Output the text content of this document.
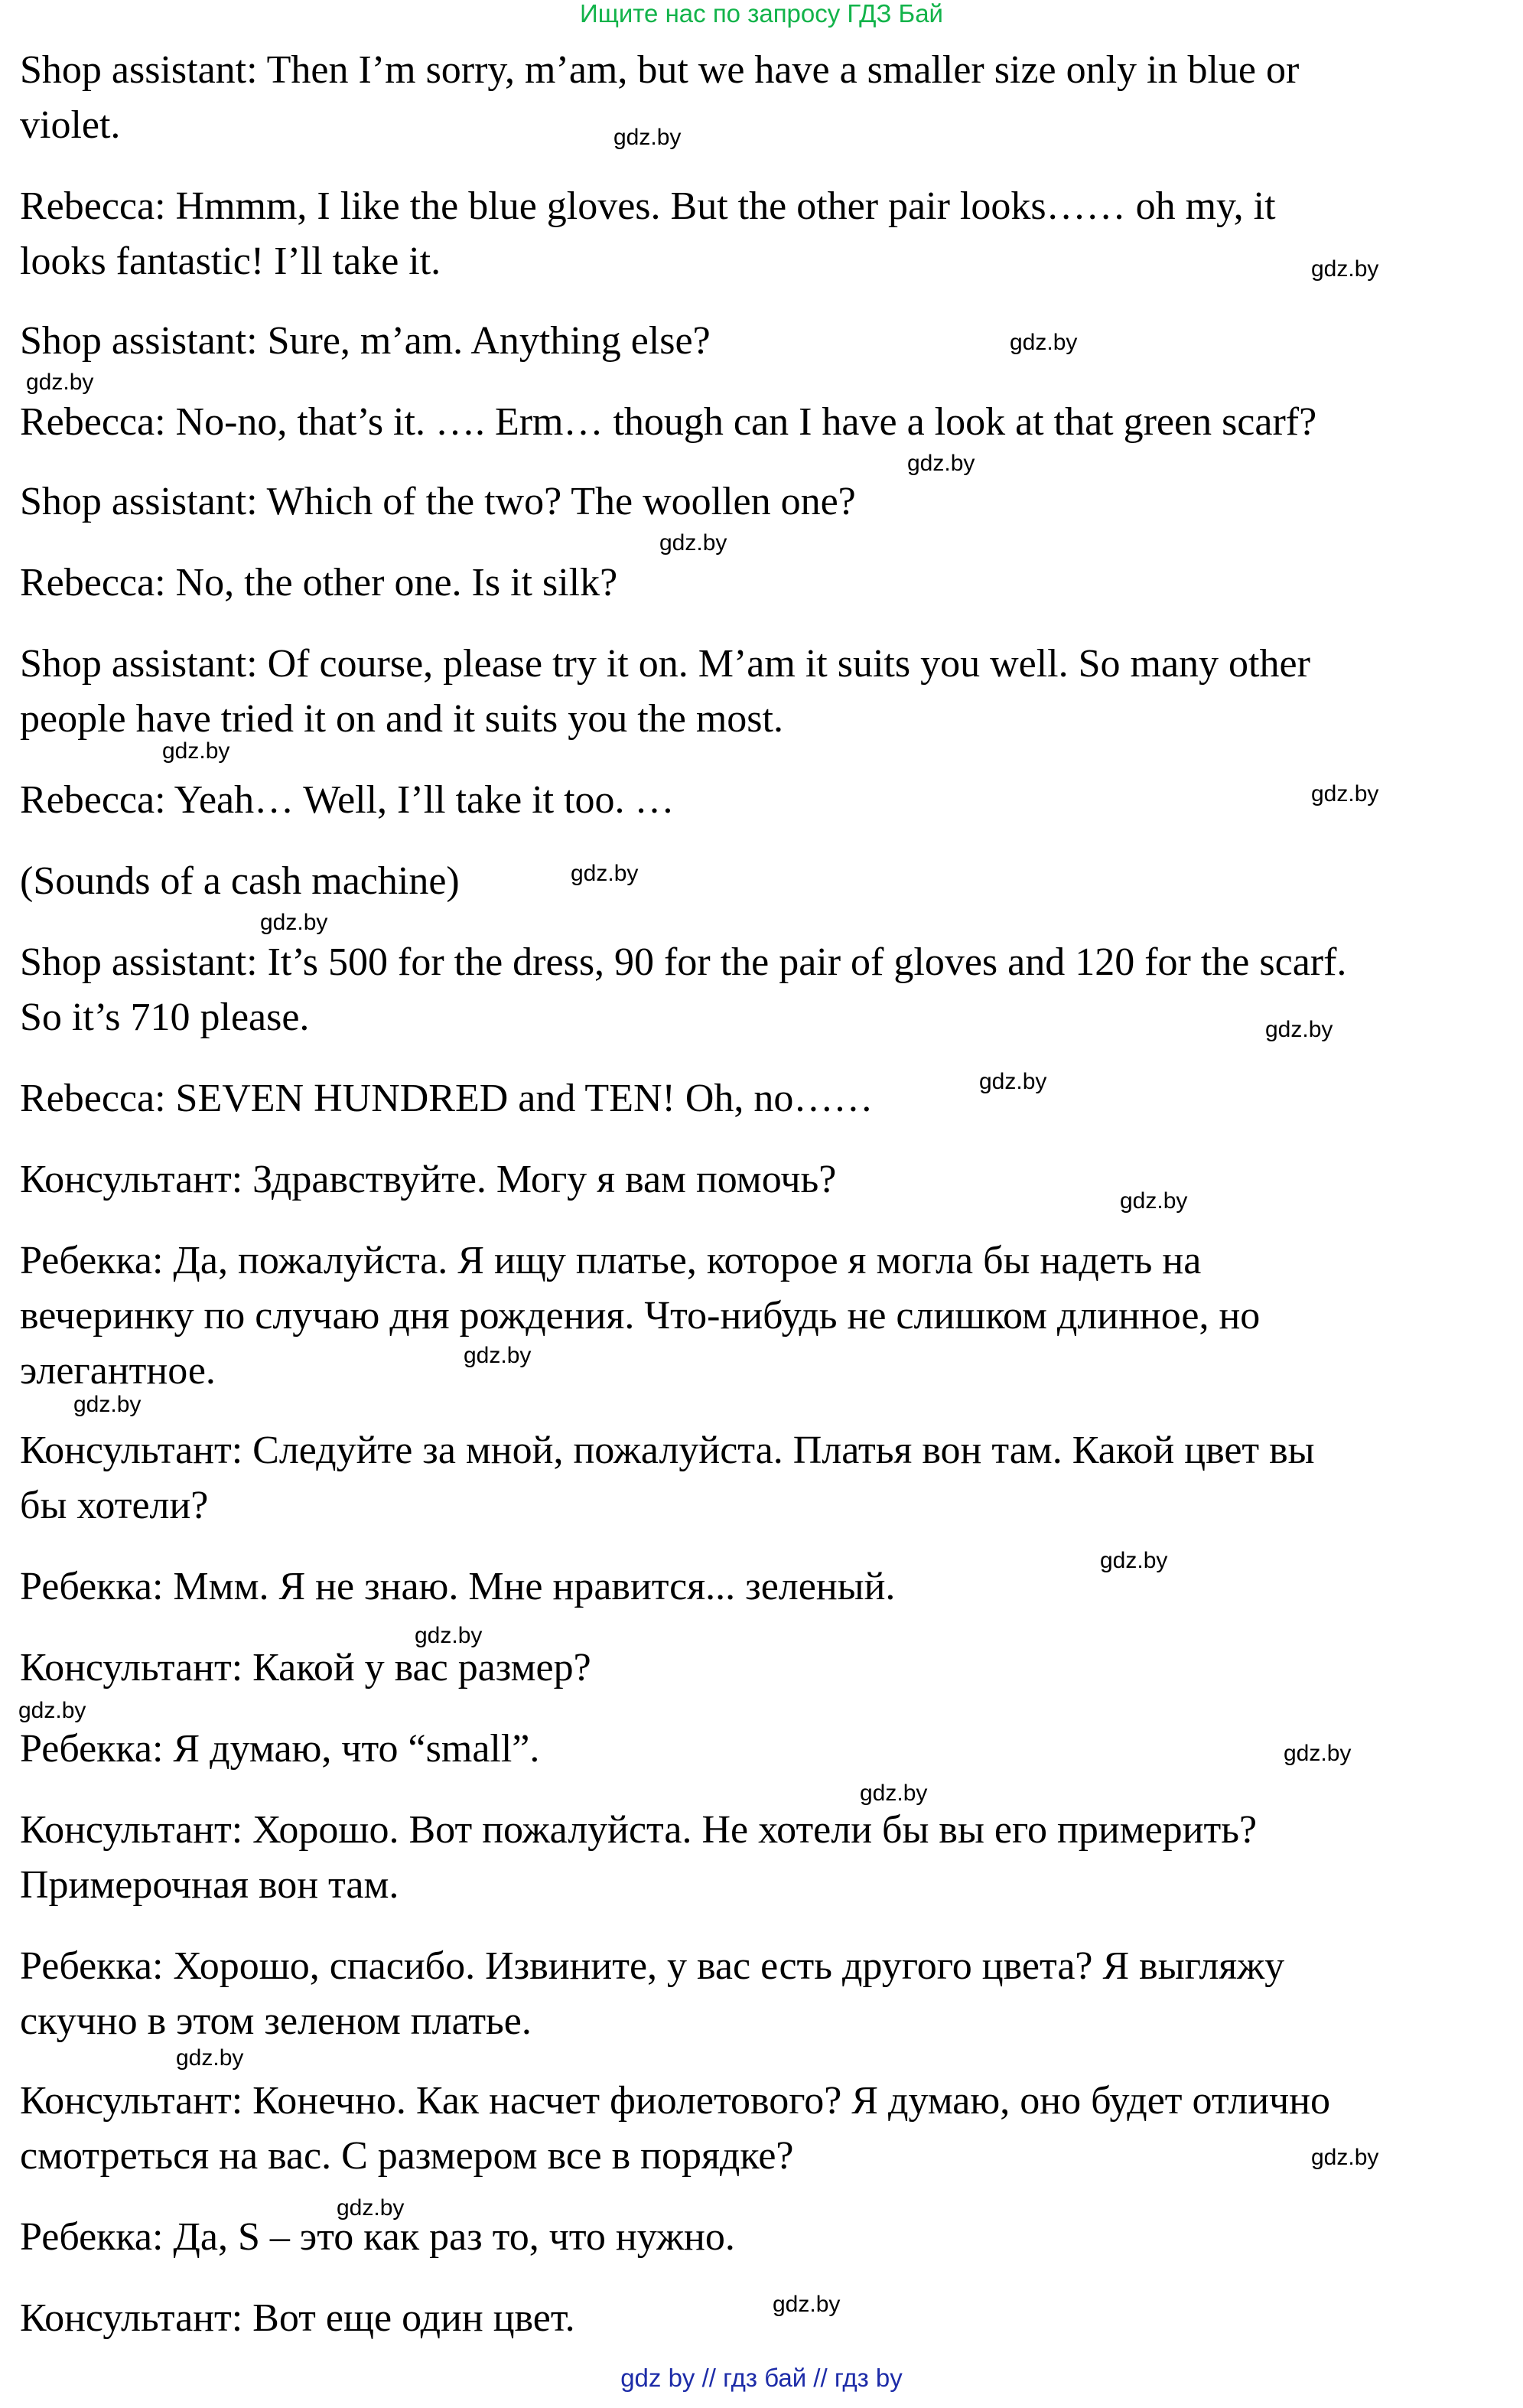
Ищите нас по запросу ГДЗ Бай
Shop assistant: Then I’m sorry, m’am, but we have a smaller size only in blue or
violet.
Rebecca: Hmmm, I like the blue gloves. But the other pair looks…… oh my, it
looks fantastic! I’ll take it.
Shop assistant: Sure, m’am. Anything else?
Rebecca: No-no, that’s it. …. Erm… though can I have a look at that green scarf?
Shop assistant: Which of the two? The woollen one?
Rebecca: No, the other one. Is it silk?
Shop assistant: Of course, please try it on. M’am it suits you well. So many other
people have tried it on and it suits you the most.
Rebecca: Yeah… Well, I’ll take it too. …
(Sounds of a cash machine)
Shop assistant: It’s 500 for the dress, 90 for the pair of gloves and 120 for the scarf.
So it’s 710 please.
Rebecca: SEVEN HUNDRED and TEN! Oh, no……
Консультант: Здравствуйте. Могу я вам помочь?
Ребекка: Да, пожалуйста. Я ищу платье, которое я могла бы надеть на
вечеринку по случаю дня рождения. Что-нибудь не слишком длинное, но
элегантное.
Консультант: Следуйте за мной, пожалуйста. Платья вон там. Какой цвет вы
бы хотели?
Ребекка: Ммм. Я не знаю. Мне нравится... зеленый.
Консультант: Какой у вас размер?
Ребекка: Я думаю, что “small”.
Консультант: Хорошо. Вот пожалуйста. Не хотели бы вы его примерить?
Примерочная вон там.
Ребекка: Хорошо, спасибо. Извините, у вас есть другого цвета? Я выгляжу
скучно в этом зеленом платье.
Консультант: Конечно. Как насчет фиолетового? Я думаю, оно будет отлично
смотреться на вас. С размером все в порядке?
Ребекка: Да, S – это как раз то, что нужно.
Консультант: Вот еще один цвет.
gdz.by
gdz.by
gdz.by
gdz.by
gdz.by
gdz.by
gdz.by
gdz.by
gdz.by
gdz.by
gdz.by
gdz.by
gdz.by
gdz.by
gdz.by
gdz.by
gdz.by
gdz.by
gdz.by
gdz.by
gdz.by
gdz.by
gdz.by
gdz.by
gdz by // гдз бай // гдз by
